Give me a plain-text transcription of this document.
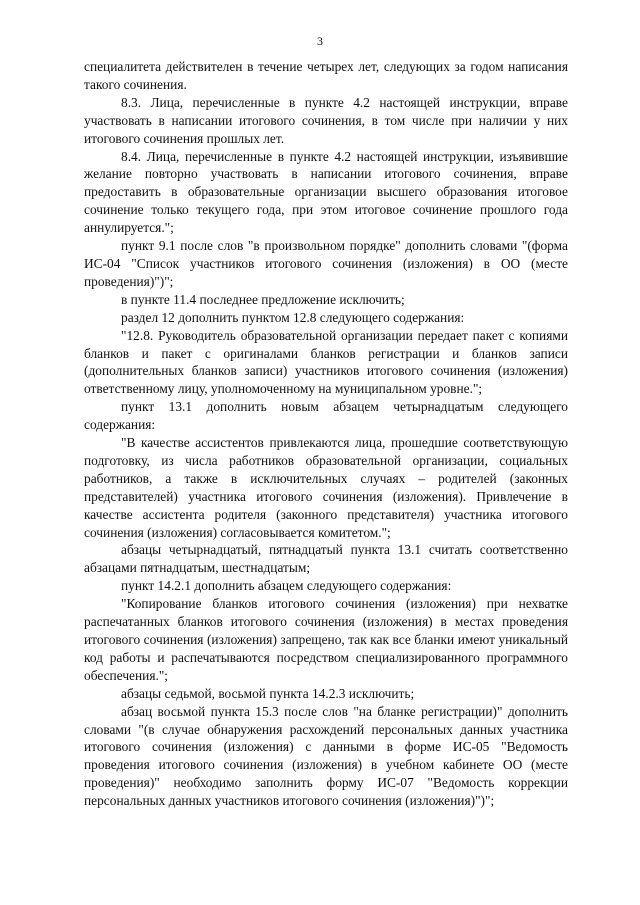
3

специалитета действителен в течение четырех лет, следующих за годом написания такого сочинения.

8.3. Лица, перечисленные в пункте 4.2 настоящей инструкции, вправе участвовать в написании итогового сочинения, в том числе при наличии у них итогового сочинения прошлых лет.

8.4. Лица, перечисленные в пункте 4.2 настоящей инструкции, изъявившие желание повторно участвовать в написании итогового сочинения, вправе предоставить в образовательные организации высшего образования итоговое сочинение только текущего года, при этом итоговое сочинение прошлого года аннулируется.";

пункт 9.1 после слов "в произвольном порядке" дополнить словами "(форма ИС-04 "Список участников итогового сочинения (изложения) в ОО (месте проведения)")";

в пункте 11.4 последнее предложение исключить;

раздел 12 дополнить пунктом 12.8 следующего содержания:

"12.8. Руководитель образовательной организации передает пакет с копиями бланков и пакет с оригиналами бланков регистрации и бланков записи (дополнительных бланков записи) участников итогового сочинения (изложения) ответственному лицу, уполномоченному на муниципальном уровне.";

пункт 13.1 дополнить новым абзацем четырнадцатым следующего содержания:

"В качестве ассистентов привлекаются лица, прошедшие соответствующую подготовку, из числа работников образовательной организации, социальных работников, а также в исключительных случаях – родителей (законных представителей) участника итогового сочинения (изложения). Привлечение в качестве ассистента родителя (законного представителя) участника итогового сочинения (изложения) согласовывается комитетом.";

абзацы четырнадцатый, пятнадцатый пункта 13.1 считать соответственно абзацами пятнадцатым, шестнадцатым;

пункт 14.2.1 дополнить абзацем следующего содержания:

"Копирование бланков итогового сочинения (изложения) при нехватке распечатанных бланков итогового сочинения (изложения) в местах проведения итогового сочинения (изложения) запрещено, так как все бланки имеют уникальный код работы и распечатываются посредством специализированного программного обеспечения.";

абзацы седьмой, восьмой пункта 14.2.3 исключить;

абзац восьмой пункта 15.3 после слов "на бланке регистрации)" дополнить словами "(в случае обнаружения расхождений персональных данных участника итогового сочинения (изложения) с данными в форме ИС-05 "Ведомость проведения итогового сочинения (изложения) в учебном кабинете ОО (месте проведения)" необходимо заполнить форму ИС-07 "Ведомость коррекции персональных данных участников итогового сочинения (изложения)")";
